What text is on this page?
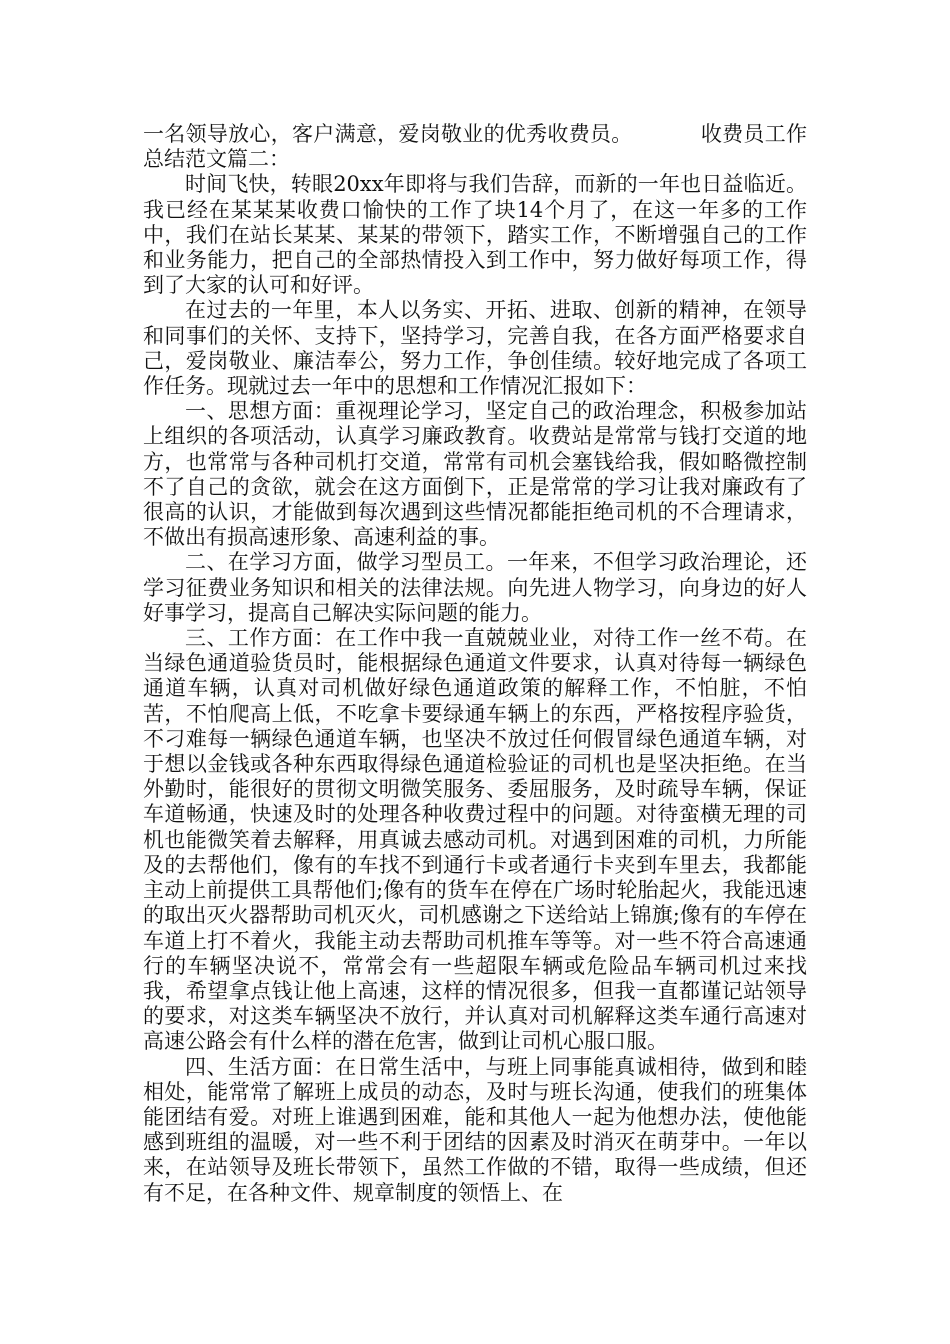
一名领导放心，客户满意，爱岗敬业的优秀收费员。	收费员工作总结范文篇二：

时间飞快，转眼20xx年即将与我们告辞，而新的一年也日益临近。我已经在某某某收费口愉快的工作了块14个月了，在这一年多的工作中，我们在站长某某、某某的带领下，踏实工作，不断增强自己的工作和业务能力，把自己的全部热情投入到工作中，努力做好每项工作，得到了大家的认可和好评。

在过去的一年里，本人以务实、开拓、进取、创新的精神，在领导和同事们的关怀、支持下，坚持学习，完善自我，在各方面严格要求自己，爱岗敬业、廉洁奉公，努力工作，争创佳绩。较好地完成了各项工作任务。现就过去一年中的思想和工作情况汇报如下：

一、思想方面：重视理论学习，坚定自己的政治理念，积极参加站上组织的各项活动，认真学习廉政教育。收费站是常常与钱打交道的地方，也常常与各种司机打交道，常常有司机会塞钱给我，假如略微控制不了自己的贪欲，就会在这方面倒下，正是常常的学习让我对廉政有了很高的认识，才能做到每次遇到这些情况都能拒绝司机的不合理请求，不做出有损高速形象、高速利益的事。

二、在学习方面，做学习型员工。一年来，不但学习政治理论，还学习征费业务知识和相关的法律法规。向先进人物学习，向身边的好人好事学习，提高自己解决实际问题的能力。

三、工作方面：在工作中我一直兢兢业业，对待工作一丝不苟。在当绿色通道验货员时，能根据绿色通道文件要求，认真对待每一辆绿色通道车辆，认真对司机做好绿色通道政策的解释工作，不怕脏，不怕苦，不怕爬高上低，不吃拿卡要绿通车辆上的东西，严格按程序验货，不刁难每一辆绿色通道车辆，也坚决不放过任何假冒绿色通道车辆，对于想以金钱或各种东西取得绿色通道检验证的司机也是坚决拒绝。在当外勤时，能很好的贯彻文明微笑服务、委屈服务，及时疏导车辆，保证车道畅通，快速及时的处理各种收费过程中的问题。对待蛮横无理的司机也能微笑着去解释，用真诚去感动司机。对遇到困难的司机，力所能及的去帮他们，像有的车找不到通行卡或者通行卡夹到车里去，我都能主动上前提供工具帮他们;像有的货车在停在广场时轮胎起火，我能迅速的取出灭火器帮助司机灭火，司机感谢之下送给站上锦旗;像有的车停在车道上打不着火，我能主动去帮助司机推车等等。对一些不符合高速通行的车辆坚决说不，常常会有一些超限车辆或危险品车辆司机过来找我，希望拿点钱让他上高速，这样的情况很多，但我一直都谨记站领导的要求，对这类车辆坚决不放行，并认真对司机解释这类车通行高速对高速公路会有什么样的潜在危害，做到让司机心服口服。

四、生活方面：在日常生活中，与班上同事能真诚相待，做到和睦相处，能常常了解班上成员的动态，及时与班长沟通，使我们的班集体能团结有爱。对班上谁遇到困难，能和其他人一起为他想办法，使他能感到班组的温暖，对一些不利于团结的因素及时消灭在萌芽中。一年以来，在站领导及班长带领下，虽然工作做的不错，取得一些成绩，但还有不足，在各种文件、规章制度的领悟上、在
